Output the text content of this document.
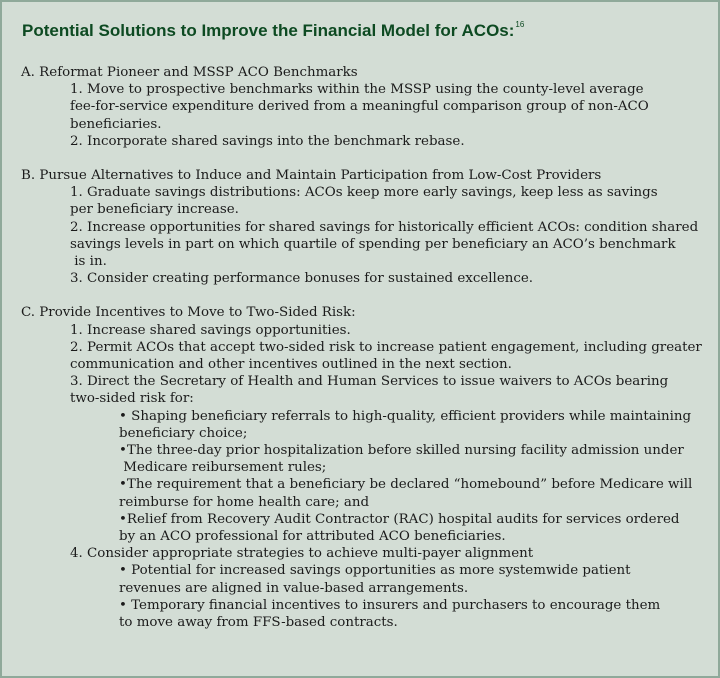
Potential Solutions to Improve the Financial Model for ACOs:$^{16}$
A. Reformat Pioneer and MSSP ACO Benchmarks
1. Move to prospective benchmarks within the MSSP using the county-level average
fee-for-service expenditure derived from a meaningful comparison group of non-ACO
beneficiaries.
2. Incorporate shared savings into the benchmark rebase.
B. Pursue Alternatives to Induce and Maintain Participation from Low-Cost Providers
1. Graduate savings distributions: ACOs keep more early savings, keep less as savings
per beneficiary increase.
2. Increase opportunities for shared savings for historically efficient ACOs: condition shared
savings levels in part on which quartile of spending per beneficiary an ACO’s benchmark
is in.
3. Consider creating performance bonuses for sustained excellence.
C. Provide Incentives to Move to Two-Sided Risk:
1. Increase shared savings opportunities.
2. Permit ACOs that accept two-sided risk to increase patient engagement, including greater
communication and other incentives outlined in the next section.
3. Direct the Secretary of Health and Human Services to issue waivers to ACOs bearing
two-sided risk for:
• Shaping beneficiary referrals to high-quality, efficient providers while maintaining
beneficiary choice;
•The three-day prior hospitalization before skilled nursing facility admission under
Medicare reibursement rules;
•The requirement that a beneficiary be declared “homebound” before Medicare will
reimburse for home health care; and
•Relief from Recovery Audit Contractor (RAC) hospital audits for services ordered
by an ACO professional for attributed ACO beneficiaries.
4. Consider appropriate strategies to achieve multi-payer alignment
• Potential for increased savings opportunities as more systemwide patient
revenues are aligned in value-based arrangements.
• Temporary financial incentives to insurers and purchasers to encourage them
to move away from FFS-based contracts.
